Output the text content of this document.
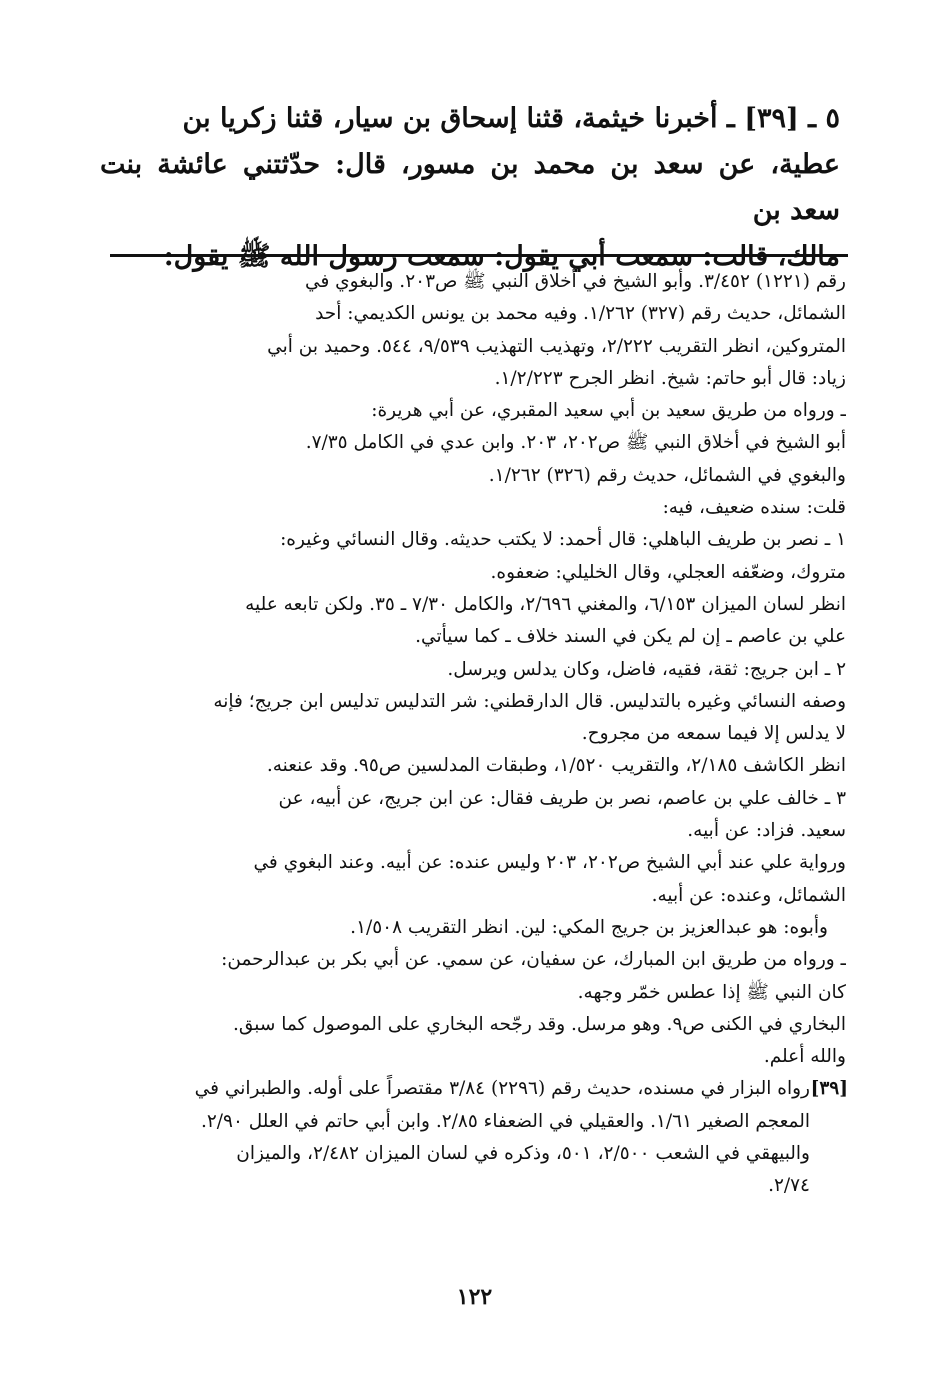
٥ ـ [٣٩] ـ أخبرنا خيثمة، قثنا إسحاق بن سيار، قثنا زكريا بن

عطية، عن سعد بن محمد بن مسور، قال: حدّثتني عائشة بنت سعد بن

مالك، قالت: سمعت أبي يقول: سمعت رسول الله ﷺ يقول:

رقم (١٢٢١) ٣/٤٥٢. وأبو الشيخ في أخلاق النبي ﷺ ص٢٠٣. والبغوي في
الشمائل، حديث رقم (٣٢٧) ١/٢٦٢. وفيه محمد بن يونس الكديمي: أحد
المتروكين، انظر التقريب ٢/٢٢٢، وتهذيب التهذيب ٩/٥٣٩، ٥٤٤. وحميد بن أبي
زياد: قال أبو حاتم: شيخ. انظر الجرح ١/٢/٢٢٣.
ـ ورواه من طريق سعيد بن أبي سعيد المقبري، عن أبي هريرة:
أبو الشيخ في أخلاق النبي ﷺ ص٢٠٢، ٢٠٣. وابن عدي في الكامل ٧/٣٥.
والبغوي في الشمائل، حديث رقم (٣٢٦) ١/٢٦٢.
قلت: سنده ضعيف، فيه:
١ ـ نصر بن طريف الباهلي: قال أحمد: لا يكتب حديثه. وقال النسائي وغيره:
متروك، وضعّفه العجلي، وقال الخليلي: ضعفوه.
انظر لسان الميزان ٦/١٥٣، والمغني ٢/٦٩٦، والكامل ٧/٣٠ ـ ٣٥. ولكن تابعه عليه
علي بن عاصم ـ إن لم يكن في السند خلاف ـ كما سيأتي.
٢ ـ ابن جريج: ثقة، فقيه، فاضل، وكان يدلس ويرسل.
وصفه النسائي وغيره بالتدليس. قال الدارقطني: شر التدليس تدليس ابن جريج؛ فإنه
لا يدلس إلا فيما سمعه من مجروح.
انظر الكاشف ٢/١٨٥، والتقريب ١/٥٢٠، وطبقات المدلسين ص٩٥. وقد عنعنه.
٣ ـ خالف علي بن عاصم، نصر بن طريف فقال: عن ابن جريج، عن أبيه، عن
سعيد. فزاد: عن أبيه.
ورواية علي عند أبي الشيخ ص٢٠٢، ٢٠٣ وليس عنده: عن أبيه. وعند البغوي في
الشمائل، وعنده: عن أبيه.
وأبوه: هو عبدالعزيز بن جريج المكي: لين. انظر التقريب ١/٥٠٨.
ـ ورواه من طريق ابن المبارك، عن سفيان، عن سمي. عن أبي بكر بن عبدالرحمن:
كان النبي ﷺ إذا عطس خمّر وجهه.
البخاري في الكنى ص٩. وهو مرسل. وقد رجّحه البخاري على الموصول كما سبق.
والله أعلم.
[٣٩]
رواه البزار في مسنده، حديث رقم (٢٢٩٦) ٣/٨٤ مقتصراً على أوله. والطبراني في
المعجم الصغير ١/٦١. والعقيلي في الضعفاء ٢/٨٥. وابن أبي حاتم في العلل ٢/٩٠.
والبيهقي في الشعب ٢/٥٠٠، ٥٠١، وذكره في لسان الميزان ٢/٤٨٢، والميزان
٢/٧٤.
١٢٢
